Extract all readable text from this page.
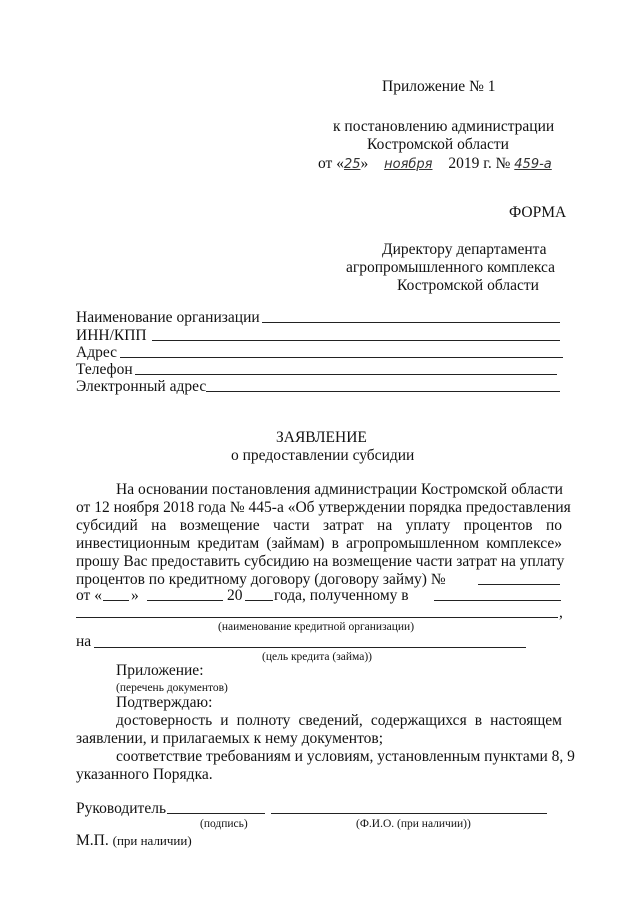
Приложение № 1
к постановлению администрации
Костромской области
от «25» ноября 2019 г. № 459-а
ФОРМА
Директору департамента
агропромышленного комплекса
Костромской области
Наименование организации
ИНН/КПП
Адрес
Телефон
Электронный адрес
ЗАЯВЛЕНИЕ
о предоставлении субсидии
На основании постановления администрации Костромской области
от 12 ноября 2018 года № 445-а «Об утверждении порядка предоставления
субсидий на возмещение части затрат на уплату процентов по
инвестиционным кредитам (займам) в агропромышленном комплексе»
прошу Вас предоставить субсидию на возмещение части затрат на уплату
процентов по кредитному договору (договору займу) №
от « »	20 года, полученному в
,
(наименование кредитной организации)
на
(цель кредита (займа))
Приложение:
(перечень документов)
Подтверждаю:
достоверность и полноту сведений, содержащихся в настоящем
заявлении, и прилагаемых к нему документов;
соответствие требованиям и условиям, установленным пунктами 8, 9
указанного Порядка.
Руководитель
(подпись)	(Ф.И.О. (при наличии))
М.П. (при наличии)
